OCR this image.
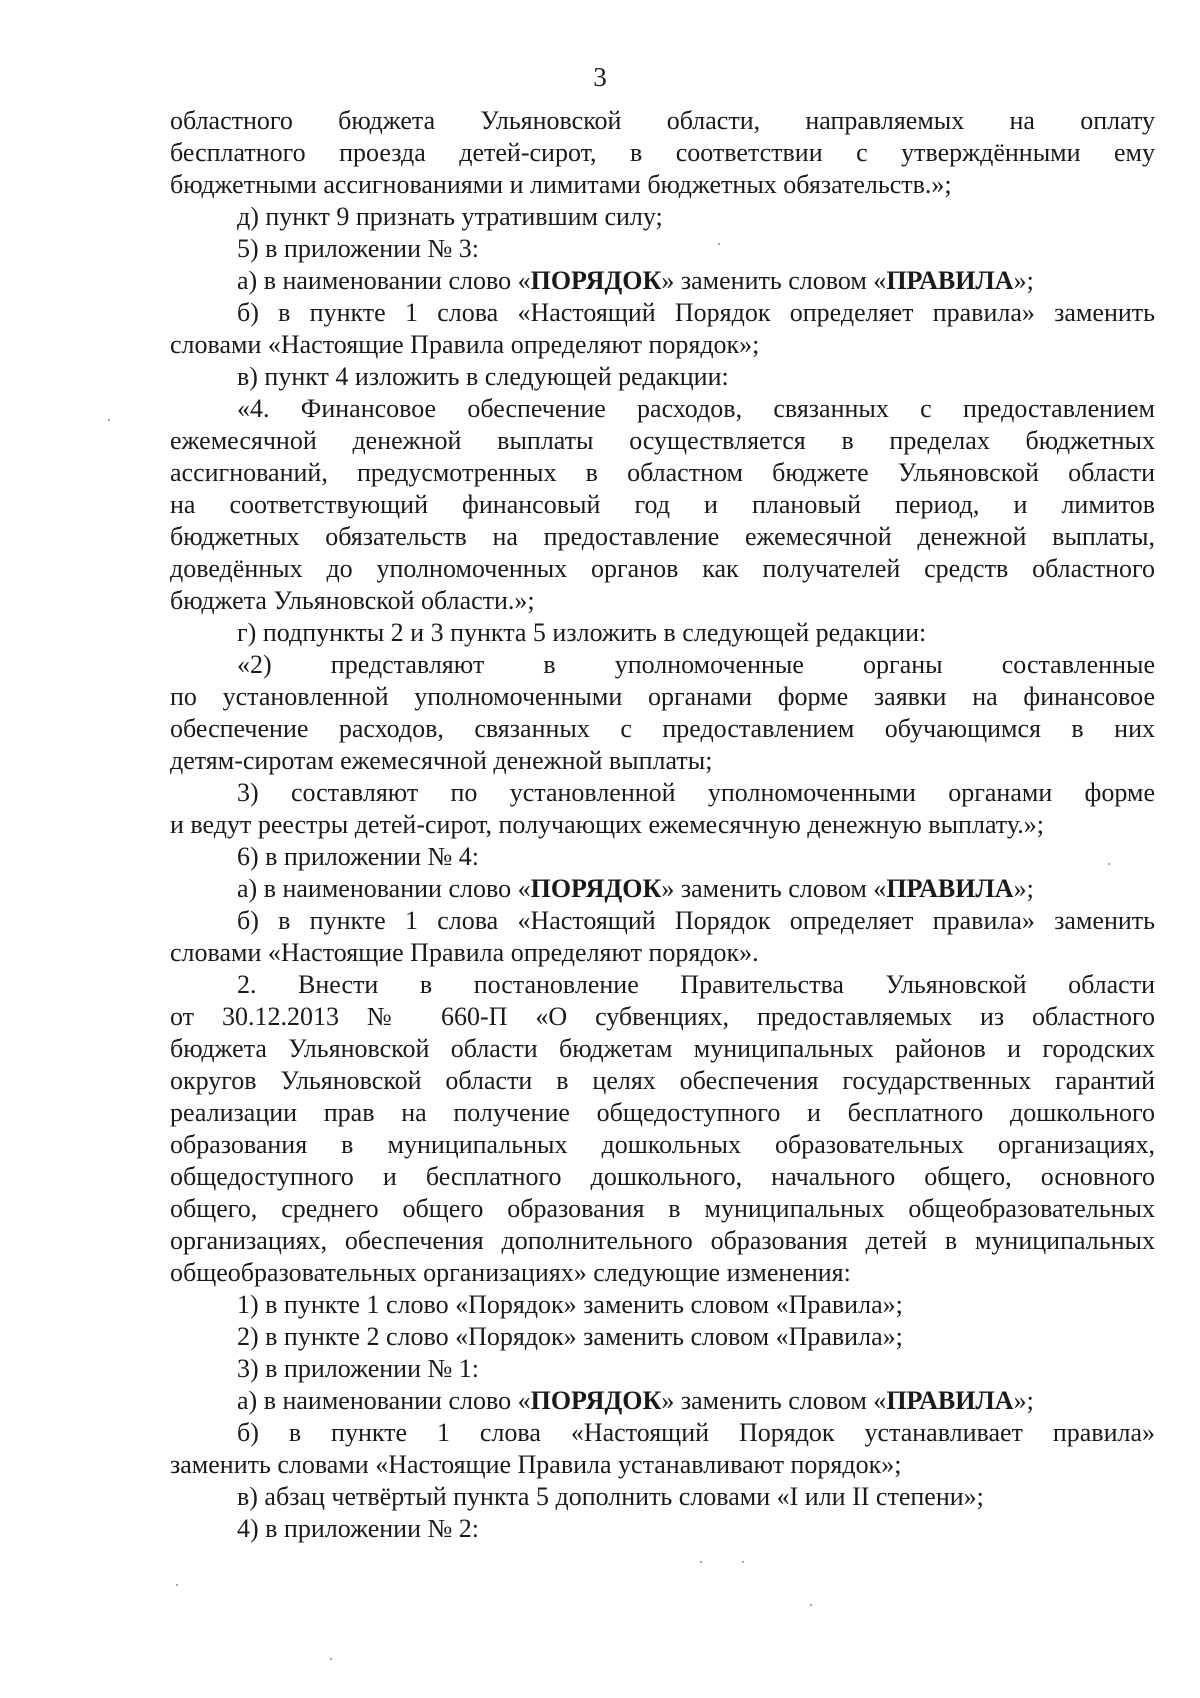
3
областного бюджета Ульяновской области, направляемых на оплату
бесплатного проезда детей-сирот, в соответствии с утверждёнными ему
бюджетными ассигнованиями и лимитами бюджетных обязательств.»;
д) пункт 9 признать утратившим силу;
5) в приложении № 3:
а) в наименовании слово «ПОРЯДОК» заменить словом «ПРАВИЛА»;
б) в пункте 1 слова «Настоящий Порядок определяет правила» заменить
словами «Настоящие Правила определяют порядок»;
в) пункт 4 изложить в следующей редакции:
«4. Финансовое обеспечение расходов, связанных с предоставлением
ежемесячной денежной выплаты осуществляется в пределах бюджетных
ассигнований, предусмотренных в областном бюджете Ульяновской области
на соответствующий финансовый год и плановый период, и лимитов
бюджетных обязательств на предоставление ежемесячной денежной выплаты,
доведённых до уполномоченных органов как получателей средств областного
бюджета Ульяновской области.»;
г) подпункты 2 и 3 пункта 5 изложить в следующей редакции:
«2) представляют в уполномоченные органы составленные
по установленной уполномоченными органами форме заявки на финансовое
обеспечение расходов, связанных с предоставлением обучающимся в них
детям-сиротам ежемесячной денежной выплаты;
3) составляют по установленной уполномоченными органами форме
и ведут реестры детей-сирот, получающих ежемесячную денежную выплату.»;
6) в приложении № 4:
а) в наименовании слово «ПОРЯДОК» заменить словом «ПРАВИЛА»;
б) в пункте 1 слова «Настоящий Порядок определяет правила» заменить
словами «Настоящие Правила определяют порядок».
2. Внести в постановление Правительства Ульяновской области
от 30.12.2013 № 660-П «О субвенциях, предоставляемых из областного
бюджета Ульяновской области бюджетам муниципальных районов и городских
округов Ульяновской области в целях обеспечения государственных гарантий
реализации прав на получение общедоступного и бесплатного дошкольного
образования в муниципальных дошкольных образовательных организациях,
общедоступного и бесплатного дошкольного, начального общего, основного
общего, среднего общего образования в муниципальных общеобразовательных
организациях, обеспечения дополнительного образования детей в муниципальных
общеобразовательных организациях» следующие изменения:
1) в пункте 1 слово «Порядок» заменить словом «Правила»;
2) в пункте 2 слово «Порядок» заменить словом «Правила»;
3) в приложении № 1:
а) в наименовании слово «ПОРЯДОК» заменить словом «ПРАВИЛА»;
б) в пункте 1 слова «Настоящий Порядок устанавливает правила»
заменить словами «Настоящие Правила устанавливают порядок»;
в) абзац четвёртый пункта 5 дополнить словами «I или II степени»;
4) в приложении № 2:
